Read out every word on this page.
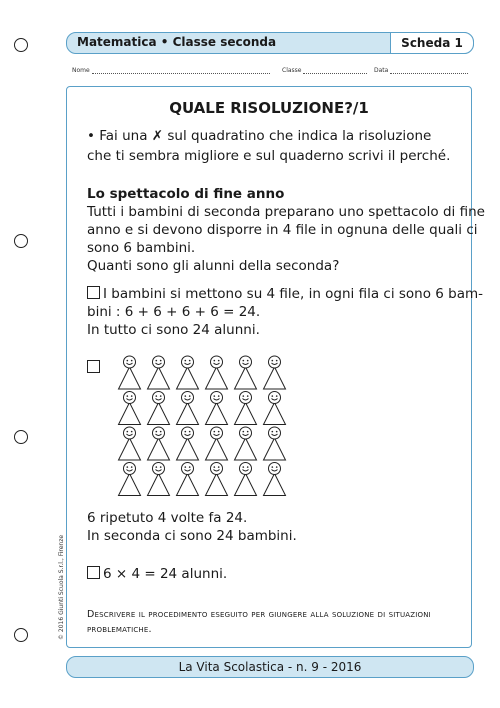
Matematica • Classe seconda	Scheda 1
Nome	Classe	Data
QUALE RISOLUZIONE?/1
• Fai una ✗ sul quadratino che indica la risoluzione
che ti sembra migliore e sul quaderno scrivi il perché.
Lo spettacolo di fine anno
Tutti i bambini di seconda preparano uno spettacolo di fine
anno e si devono disporre in 4 file in ognuna delle quali ci
sono 6 bambini.
Quanti sono gli alunni della seconda?
I bambini si mettono su 4 file, in ogni fila ci sono 6 bam-
bini : 6 + 6 + 6 + 6 = 24.
In tutto ci sono 24 alunni.
6 ripetuto 4 volte fa 24.
In seconda ci sono 24 bambini.
6 × 4 = 24 alunni.
Descrivere il procedimento eseguito per giungere alla soluzione di situazioni
problematiche.
© 2016 Giunti Scuola S.r.l., Firenze
La Vita Scolastica - n. 9 - 2016
